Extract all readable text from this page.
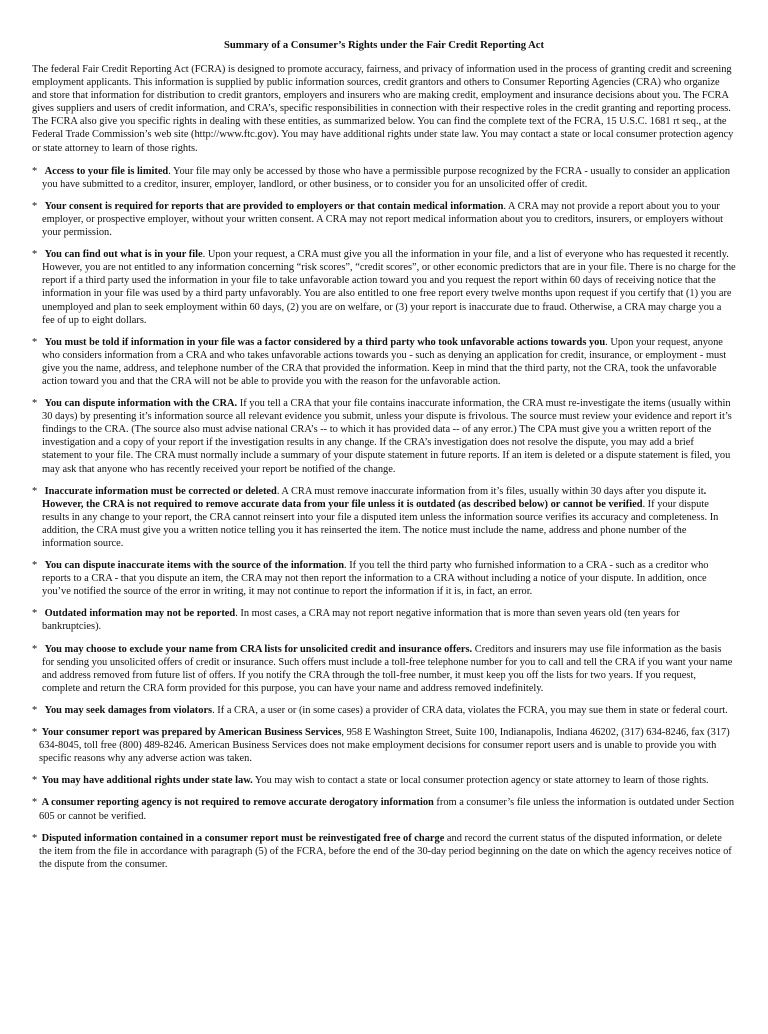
Summary of a Consumer’s Rights under the Fair Credit Reporting Act

The federal Fair Credit Reporting Act (FCRA) is designed to promote accuracy, fairness, and privacy of information used in the process of granting credit and screening employment applicants. This information is supplied by public information sources, credit grantors and others to Consumer Reporting Agencies (CRA) who organize and store that information for distribution to credit grantors, employers and insurers who are making credit, employment and insurance decisions about you. The FCRA gives suppliers and users of credit information, and CRA’s, specific responsibilities in connection with their respective roles in the credit granting and reporting process. The FCRA also give you specific rights in dealing with these entities, as summarized below. You can find the complete text of the FCRA, 15 U.S.C. 1681 rt seq., at the Federal Trade Commission’s web site (http://www.ftc.gov). You may have additional rights under state law. You may contact a state or local consumer protection agency or state attorney to learn of those rights.

* Access to your file is limited. Your file may only be accessed by those who have a permissible purpose recognized by the FCRA - usually to consider an application you have submitted to a creditor, insurer, employer, landlord, or other business, or to consider you for an unsolicited offer of credit.
* Your consent is required for reports that are provided to employers or that contain medical information. A CRA may not provide a report about you to your employer, or prospective employer, without your written consent. A CRA may not report medical information about you to creditors, insurers, or employers without your permission.
* You can find out what is in your file. Upon your request, a CRA must give you all the information in your file, and a list of everyone who has requested it recently. However, you are not entitled to any information concerning “risk scores”, “credit scores”, or other economic predictors that are in your file. There is no charge for the report if a third party used the information in your file to take unfavorable action toward you and you request the report within 60 days of receiving notice that the information in your file was used by a third party unfavorably. You are also entitled to one free report every twelve months upon request if you certify that (1) you are unemployed and plan to seek employment within 60 days, (2) you are on welfare, or (3) your report is inaccurate due to fraud. Otherwise, a CRA may charge you a fee of up to eight dollars.
* You must be told if information in your file was a factor considered by a third party who took unfavorable actions towards you. Upon your request, anyone who considers information from a CRA and who takes unfavorable actions towards you - such as denying an application for credit, insurance, or employment - must give you the name, address, and telephone number of the CRA that provided the information. Keep in mind that the third party, not the CRA, took the unfavorable action toward you and that the CRA will not be able to provide you with the reason for the unfavorable action.
* You can dispute information with the CRA. If you tell a CRA that your file contains inaccurate information, the CRA must re-investigate the items (usually within 30 days) by presenting it’s information source all relevant evidence you submit, unless your dispute is frivolous. The source must review your evidence and report it’s findings to the CRA. (The source also must advise national CRA’s -- to which it has provided data -- of any error.) The CPA must give you a written report of the investigation and a copy of your report if the investigation results in any change. If the CRA’s investigation does not resolve the dispute, you may add a brief statement to your file. The CRA must normally include a summary of your dispute statement in future reports. If an item is deleted or a dispute statement is filed, you may ask that anyone who has recently received your report be notified of the change.
* Inaccurate information must be corrected or deleted. A CRA must remove inaccurate information from it’s files, usually within 30 days after you dispute it. However, the CRA is not required to remove accurate data from your file unless it is outdated (as described below) or cannot be verified. If your dispute results in any change to your report, the CRA cannot reinsert into your file a disputed item unless the information source verifies its accuracy and completeness. In addition, the CRA must give you a written notice telling you it has reinserted the item. The notice must include the name, address and phone number of the information source.
* You can dispute inaccurate items with the source of the information. If you tell the third party who furnished information to a CRA - such as a creditor who reports to a CRA - that you dispute an item, the CRA may not then report the information to a CRA without including a notice of your dispute. In addition, once you’ve notified the source of the error in writing, it may not continue to report the information if it is, in fact, an error.
* Outdated information may not be reported. In most cases, a CRA may not report negative information that is more than seven years old (ten years for bankruptcies).
* You may choose to exclude your name from CRA lists for unsolicited credit and insurance offers. Creditors and insurers may use file information as the basis for sending you unsolicited offers of credit or insurance. Such offers must include a toll-free telephone number for you to call and tell the CRA if you want your name and address removed from future list of offers. If you notify the CRA through the toll-free number, it must keep you off the lists for two years. If you request, complete and return the CRA form provided for this purpose, you can have your name and address removed indefinitely.
* You may seek damages from violators. If a CRA, a user or (in some cases) a provider of CRA data, violates the FCRA, you may sue them in state or federal court.
* Your consumer report was prepared by American Business Services, 958 E Washington Street, Suite 100, Indianapolis, Indiana 46202, (317) 634-8246, fax (317) 634-8045, toll free (800) 489-8246. American Business Services does not make employment decisions for consumer report users and is unable to provide you with specific reasons why any adverse action was taken.
* You may have additional rights under state law. You may wish to contact a state or local consumer protection agency or state attorney to learn of those rights.
* A consumer reporting agency is not required to remove accurate derogatory information from a consumer’s file unless the information is outdated under Section 605 or cannot be verified.
* Disputed information contained in a consumer report must be reinvestigated free of charge and record the current status of the disputed information, or delete the item from the file in accordance with paragraph (5) of the FCRA, before the end of the 30-day period beginning on the date on which the agency receives notice of the dispute from the consumer.
